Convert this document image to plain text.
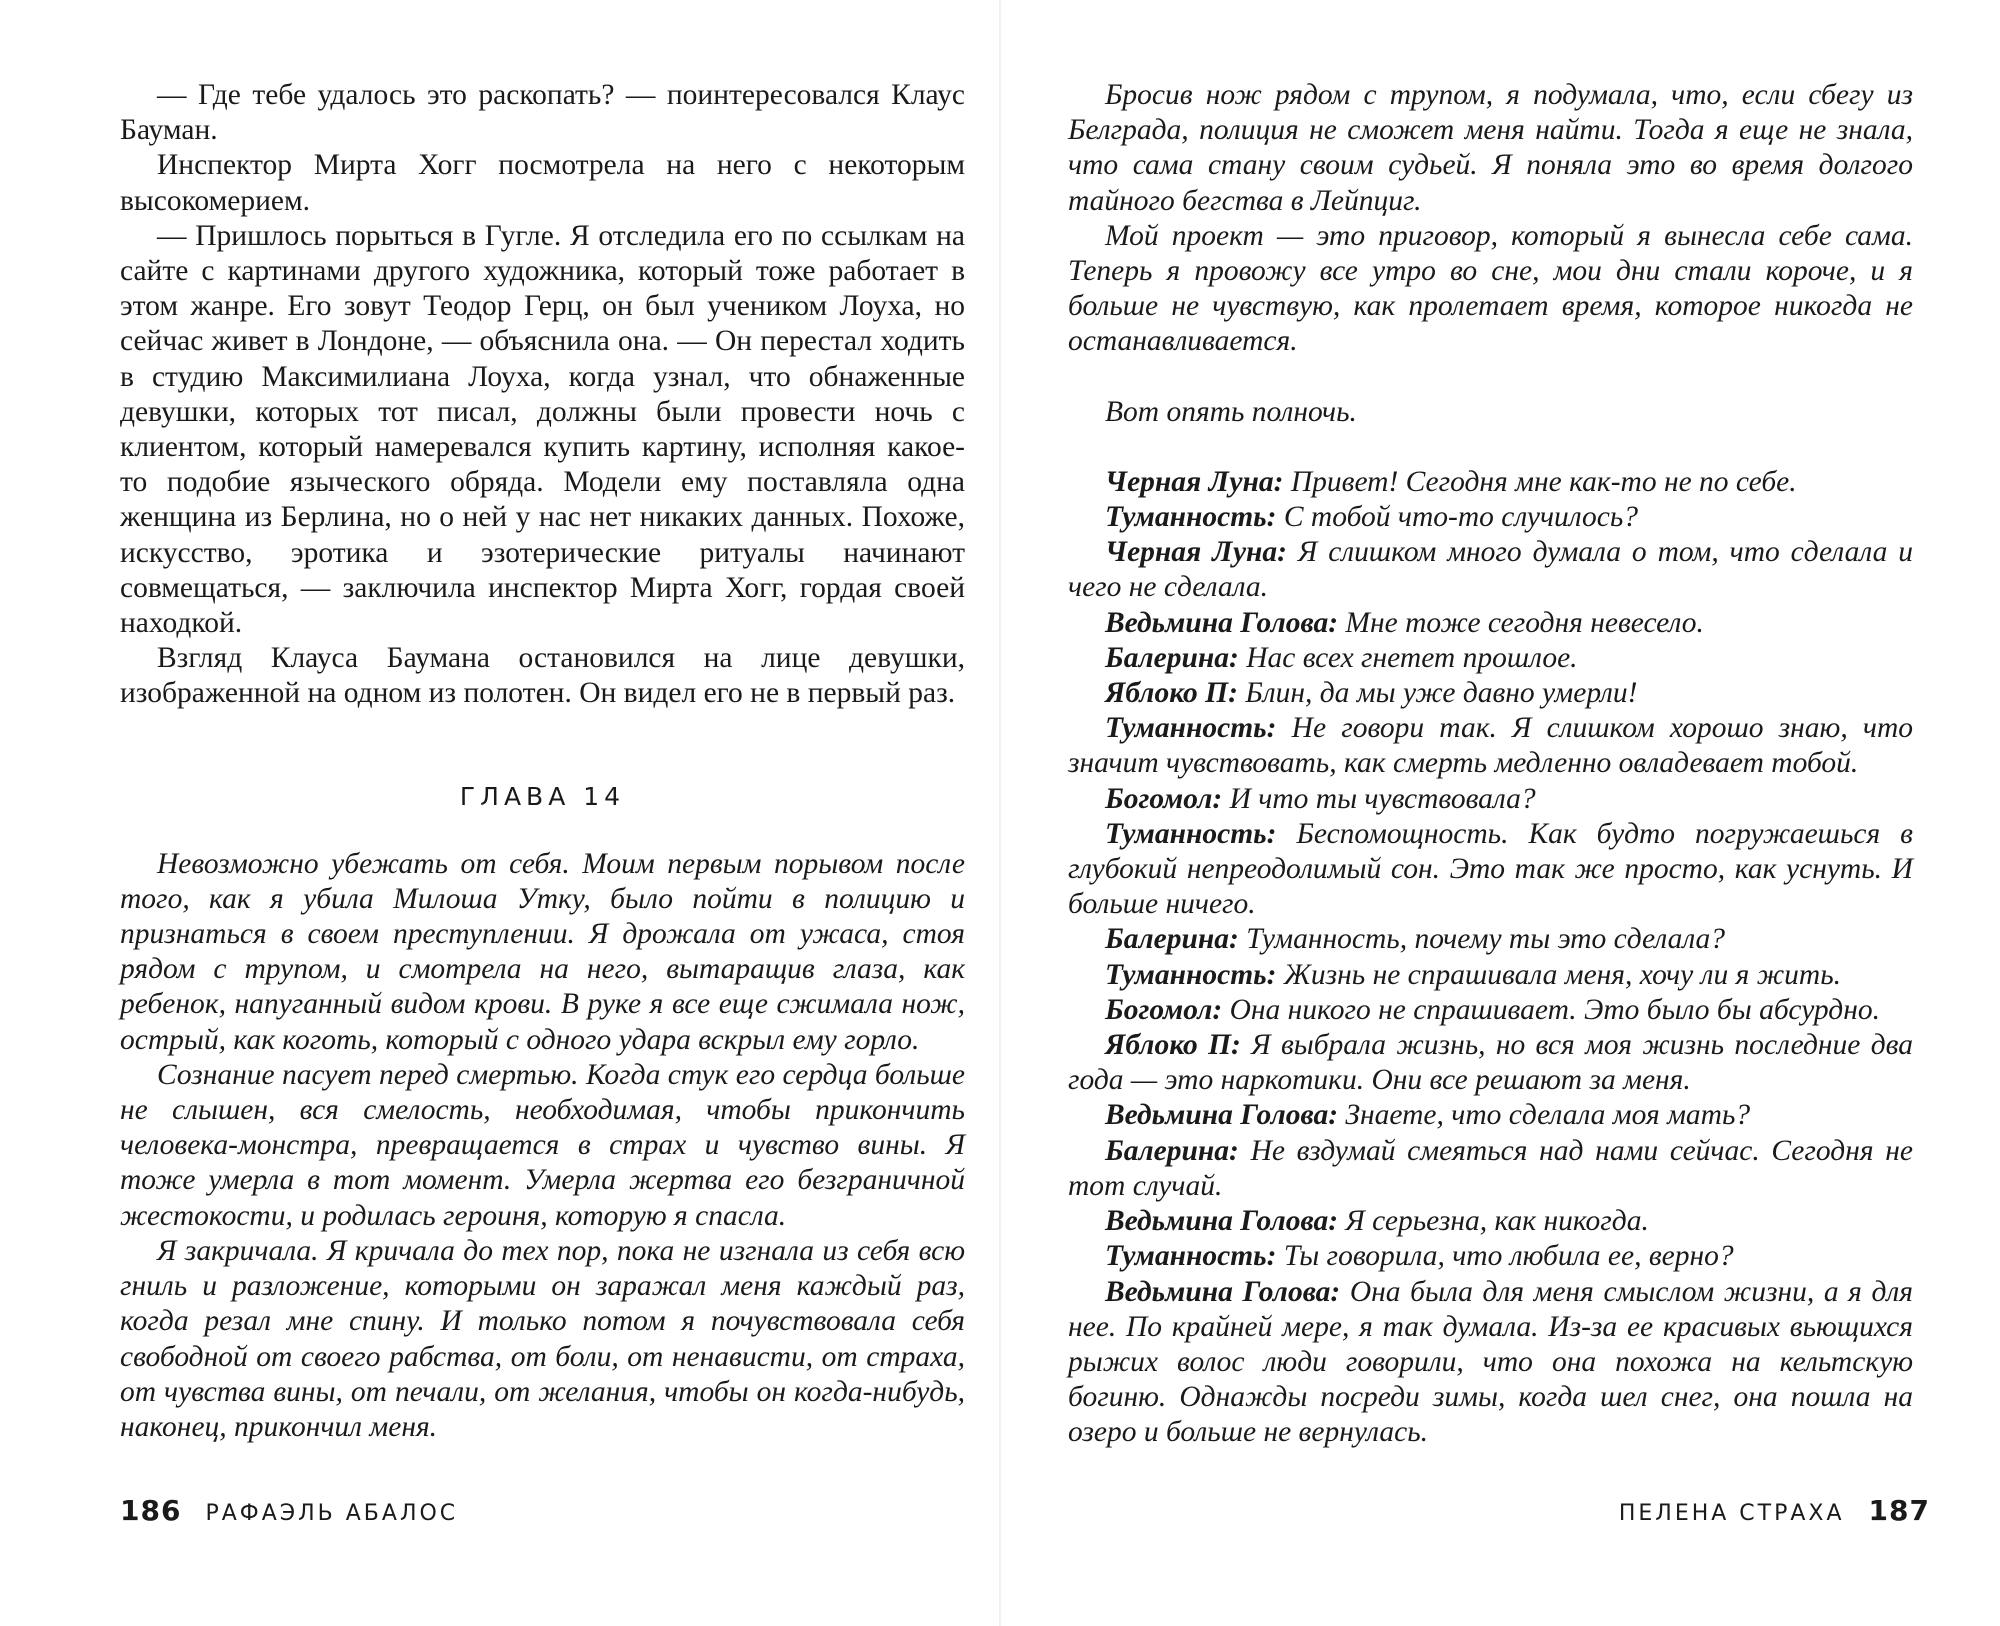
— Где тебе удалось это раскопать? — поинтересовался Клаус Бауман.

Инспектор Мирта Хогг посмотрела на него с некоторым высокомерием.

— Пришлось порыться в Гугле. Я отследила его по ссылкам на сайте с картинами другого художника, который тоже работает в этом жанре. Его зовут Теодор Герц, он был учеником Лоуха, но сейчас живет в Лондоне, — объяснила она. — Он перестал ходить в студию Максимилиана Лоуха, когда узнал, что обнаженные девушки, которых тот писал, должны были провести ночь с клиентом, который намеревался купить картину, исполняя какое-то подобие языческого обряда. Модели ему поставляла одна женщина из Берлина, но о ней у нас нет никаких данных. Похоже, искусство, эротика и эзотерические ритуалы начинают совмещаться, — заключила инспектор Мирта Хогг, гордая своей находкой.

Взгляд Клауса Баумана остановился на лице девушки, изображенной на одном из полотен. Он видел его не в первый раз.

ГЛАВА 14

Невозможно убежать от себя. Моим первым порывом после того, как я убила Милоша Утку, было пойти в полицию и признаться в своем преступлении. Я дрожала от ужаса, стоя рядом с трупом, и смотрела на него, вытаращив глаза, как ребенок, напуганный видом крови. В руке я все еще сжимала нож, острый, как коготь, который с одного удара вскрыл ему горло.

Сознание пасует перед смертью. Когда стук его сердца больше не слышен, вся смелость, необходимая, чтобы прикончить человека-монстра, превращается в страх и чувство вины. Я тоже умерла в тот момент. Умерла жертва его безграничной жестокости, и родилась героиня, которую я спасла.

Я закричала. Я кричала до тех пор, пока не изгнала из себя всю гниль и разложение, которыми он заражал меня каждый раз, когда резал мне спину. И только потом я почувствовала себя свободной от своего рабства, от боли, от ненависти, от страха, от чувства вины, от печали, от желания, чтобы он когда-нибудь, наконец, прикончил меня.

186 РАФАЭЛЬ АБАЛОС

Бросив нож рядом с трупом, я подумала, что, если сбегу из Белграда, полиция не сможет меня найти. Тогда я еще не знала, что сама стану своим судьей. Я поняла это во время долгого тайного бегства в Лейпциг.

Мой проект — это приговор, который я вынесла себе сама. Теперь я провожу все утро во сне, мои дни стали короче, и я больше не чувствую, как пролетает время, которое никогда не останавливается.

Вот опять полночь.

Черная Луна: Привет! Сегодня мне как-то не по себе.

Туманность: С тобой что-то случилось?

Черная Луна: Я слишком много думала о том, что сделала и чего не сделала.

Ведьмина Голова: Мне тоже сегодня невесело.

Балерина: Нас всех гнетет прошлое.

Яблоко П: Блин, да мы уже давно умерли!

Туманность: Не говори так. Я слишком хорошо знаю, что значит чувствовать, как смерть медленно овладевает тобой.

Богомол: И что ты чувствовала?

Туманность: Беспомощность. Как будто погружаешься в глубокий непреодолимый сон. Это так же просто, как уснуть. И больше ничего.

Балерина: Туманность, почему ты это сделала?

Туманность: Жизнь не спрашивала меня, хочу ли я жить.

Богомол: Она никого не спрашивает. Это было бы абсурдно.

Яблоко П: Я выбрала жизнь, но вся моя жизнь последние два года — это наркотики. Они все решают за меня.

Ведьмина Голова: Знаете, что сделала моя мать?

Балерина: Не вздумай смеяться над нами сейчас. Сегодня не тот случай.

Ведьмина Голова: Я серьезна, как никогда.

Туманность: Ты говорила, что любила ее, верно?

Ведьмина Голова: Она была для меня смыслом жизни, а я для нее. По крайней мере, я так думала. Из-за ее красивых вьющихся рыжих волос люди говорили, что она похожа на кельтскую богиню. Однажды посреди зимы, когда шел снег, она пошла на озеро и больше не вернулась.

ПЕЛЕНА СТРАХА 187
